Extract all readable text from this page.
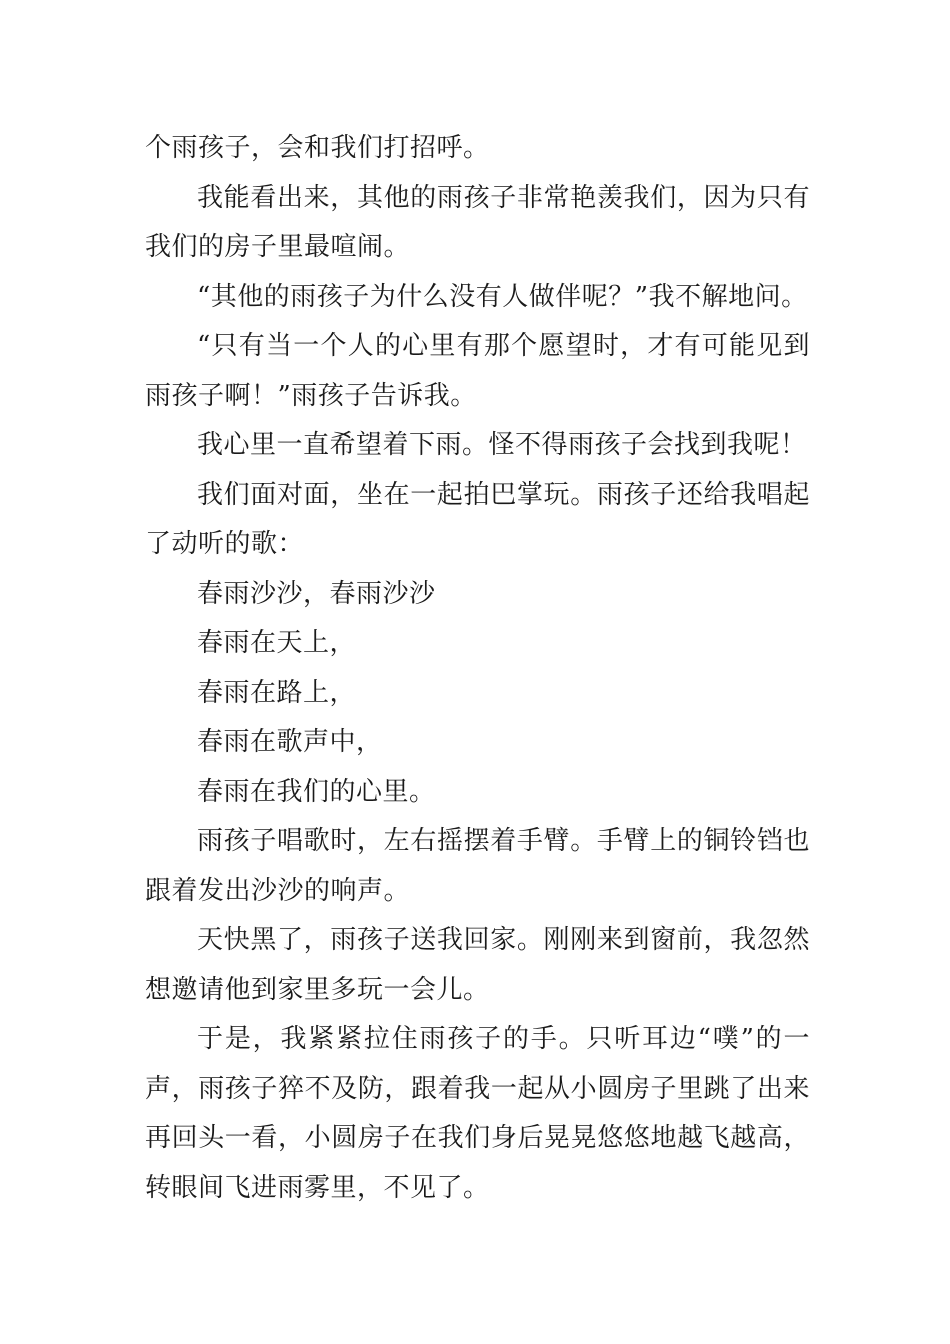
个雨孩子，会和我们打招呼。
我能看出来，其他的雨孩子非常艳羡我们，因为只有
我们的房子里最喧闹。
“其他的雨孩子为什么没有人做伴呢？”我不解地问。
“只有当一个人的心里有那个愿望时，才有可能见到
雨孩子啊！”雨孩子告诉我。
我心里一直希望着下雨。怪不得雨孩子会找到我呢！
我们面对面，坐在一起拍巴掌玩。雨孩子还给我唱起
了动听的歌：
春雨沙沙，春雨沙沙
春雨在天上，
春雨在路上，
春雨在歌声中，
春雨在我们的心里。
雨孩子唱歌时，左右摇摆着手臂。手臂上的铜铃铛也
跟着发出沙沙的响声。
天快黑了，雨孩子送我回家。刚刚来到窗前，我忽然
想邀请他到家里多玩一会儿。
于是，我紧紧拉住雨孩子的手。只听耳边“噗”的一
声，雨孩子猝不及防，跟着我一起从小圆房子里跳了出来
再回头一看，小圆房子在我们身后晃晃悠悠地越飞越高，
转眼间飞进雨雾里，不见了。
